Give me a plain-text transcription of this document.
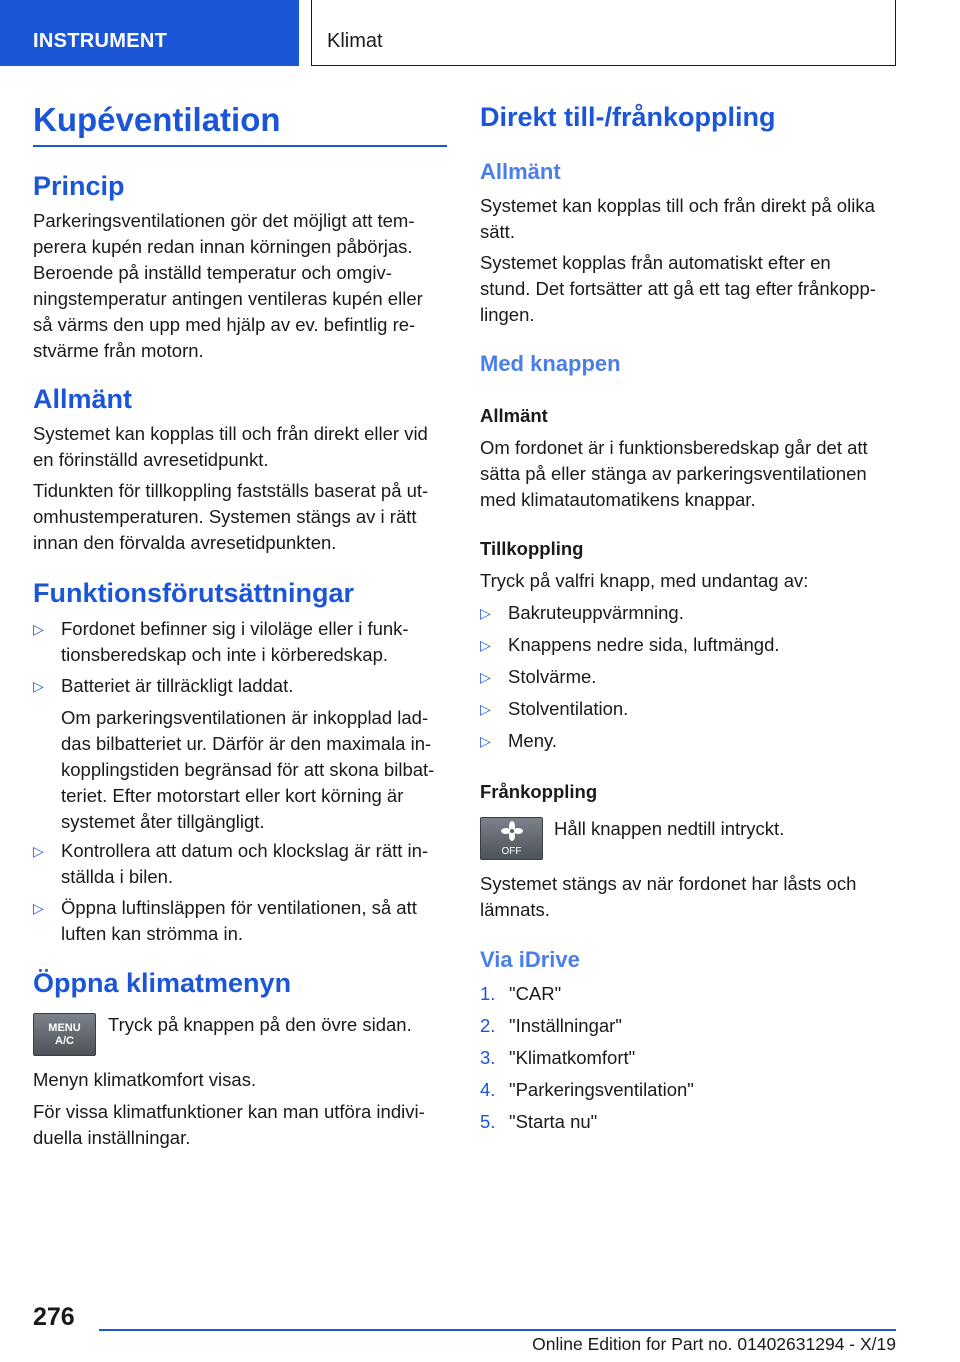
INSTRUMENT	Klimat
Kupéventilation
Princip

Parkeringsventilationen gör det möjligt att tem-
perera kupén redan innan körningen påbörjas.
Beroende på inställd temperatur och omgiv-
ningstemperatur antingen ventileras kupén eller
så värms den upp med hjälp av ev. befintlig re-
stvärme från motorn.

Allmänt

Systemet kan kopplas till och från direkt eller vid
en förinställd avresetidpunkt.

Tidunkten för tillkoppling fastställs baserat på ut-
omhustemperaturen. Systemen stängs av i rätt
innan den förvalda avresetidpunkten.

Funktionsförutsättningar
▷ Fordonet befinner sig i viloläge eller i funk-
tionsberedskap och inte i körberedskap.
▷ Batteriet är tillräckligt laddat.
Om parkeringsventilationen är inkopplad lad-
das bilbatteriet ur. Därför är den maximala in-
kopplingstiden begränsad för att skona bilbat-
teriet. Efter motorstart eller kort körning är
systemet åter tillgängligt.
▷ Kontrollera att datum och klockslag är rätt in-
ställda i bilen.
▷ Öppna luftinsläppen för ventilationen, så att
luften kan strömma in.
Öppna klimatmenyn
MENU
A/C

Tryck på knappen på den övre sidan.

Menyn klimatkomfort visas.

För vissa klimatfunktioner kan man utföra indivi-
duella inställningar.

Direkt till-/frånkoppling
Allmänt

Systemet kan kopplas till och från direkt på olika
sätt.

Systemet kopplas från automatiskt efter en
stund. Det fortsätter att gå ett tag efter frånkopp-
lingen.

Med knappen
Allmänt

Om fordonet är i funktionsberedskap går det att
sätta på eller stänga av parkeringsventilationen
med klimatautomatikens knappar.

Tillkoppling

Tryck på valfri knapp, med undantag av:

▷ Bakruteuppvärmning.
▷ Knappens nedre sida, luftmängd.
▷ Stolvärme.
▷ Stolventilation.
▷ Meny.
Frånkoppling

OFF

Håll knappen nedtill intryckt.

Systemet stängs av när fordonet har låsts och
lämnats.

Via iDrive
1. "CAR"
2. "Inställningar"
3. "Klimatkomfort"
4. "Parkeringsventilation"
5. "Starta nu"
276
Online Edition for Part no. 01402631294 - X/19
